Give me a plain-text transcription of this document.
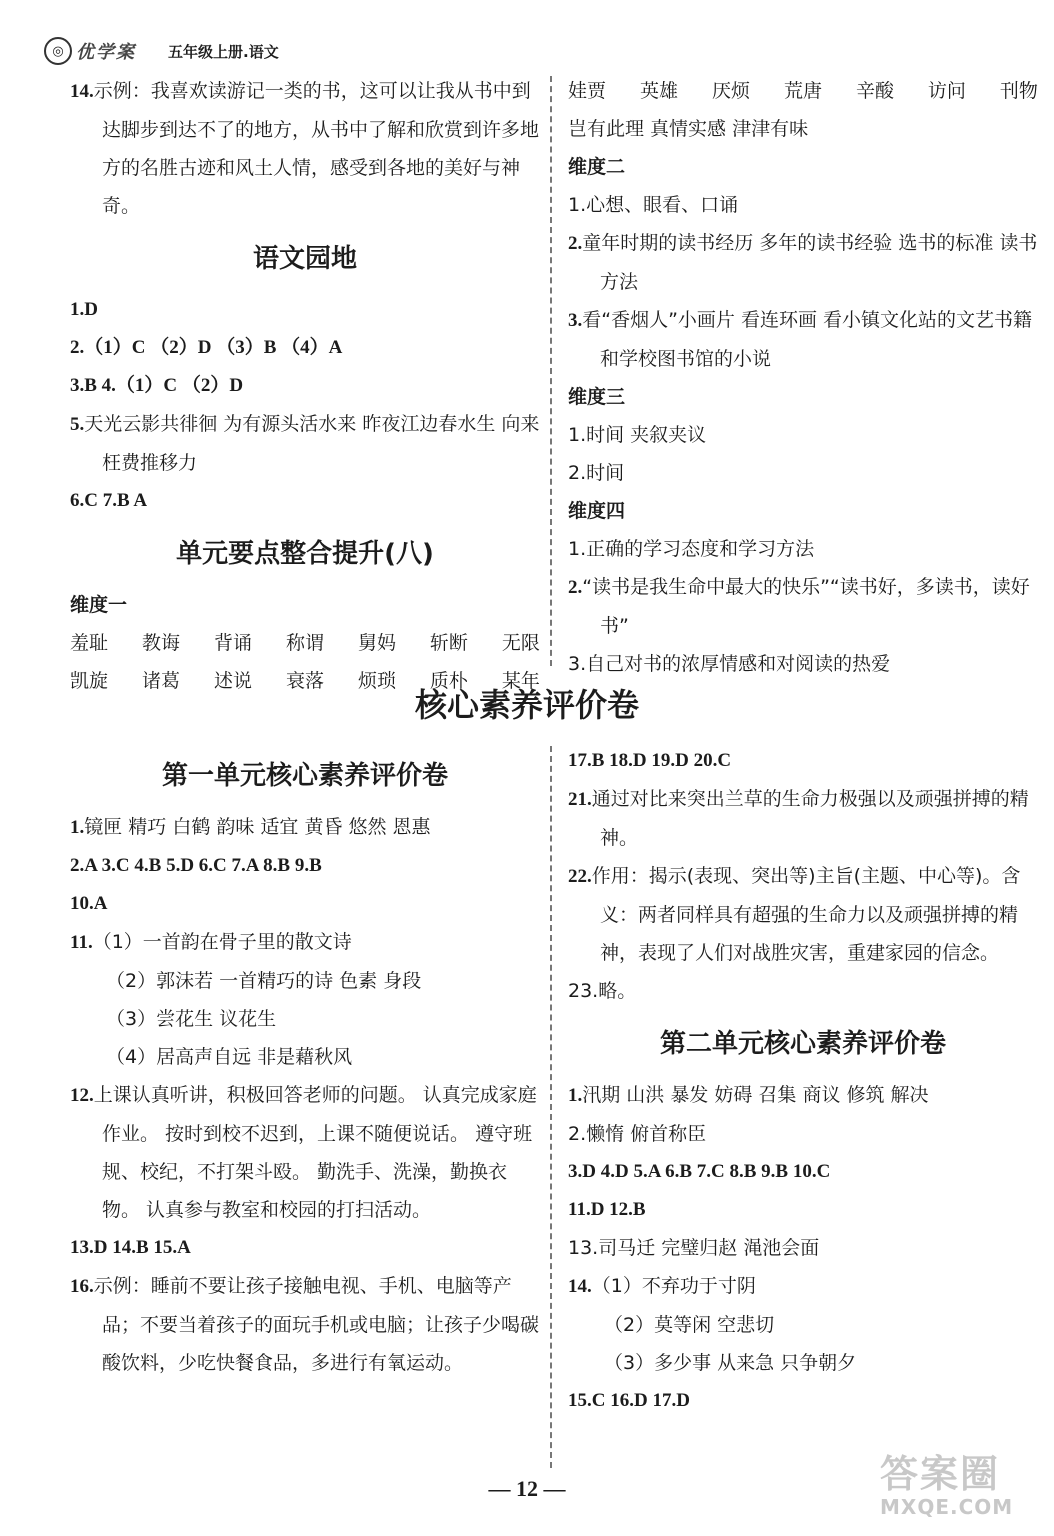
◎ 优学案 五年级上册.语文
14.示例：我喜欢读游记一类的书，这可以让我从书中到达脚步到达不了的地方，从书中了解和欣赏到许多地方的名胜古迹和风土人情，感受到各地的美好与神奇。
语文园地
1.D
2.（1）C （2）D （3）B （4）A
3.B 4.（1）C （2）D
5.天光云影共徘徊 为有源头活水来 昨夜江边春水生 向来枉费推移力
6.C 7.B A
单元要点整合提升(八)
维度一
羞耻 教诲 背诵 称谓 舅妈 斩断 无限
凯旋 诸葛 述说 衰落 烦琐 质朴 某年
娃贾 英雄 厌烦 荒唐 辛酸 访问 刊物
岂有此理 真情实感 津津有味
维度二
1.心想、眼看、口诵
2.童年时期的读书经历 多年的读书经验 选书的标准 读书方法
3.看“香烟人”小画片 看连环画 看小镇文化站的文艺书籍和学校图书馆的小说
维度三
1.时间 夹叙夹议
2.时间
维度四
1.正确的学习态度和学习方法
2.“读书是我生命中最大的快乐”“读书好，多读书，读好书”
3.自己对书的浓厚情感和对阅读的热爱
核心素养评价卷
第一单元核心素养评价卷
1.镜匣 精巧 白鹤 韵味 适宜 黄昏 悠然 恩惠
2.A 3.C 4.B 5.D 6.C 7.A 8.B 9.B
10.A
11.（1）一首韵在骨子里的散文诗
（2）郭沫若 一首精巧的诗 色素 身段
（3）尝花生 议花生
（4）居高声自远 非是藉秋风
12.上课认真听讲，积极回答老师的问题。 认真完成家庭作业。 按时到校不迟到，上课不随便说话。 遵守班规、校纪，不打架斗殴。 勤洗手、洗澡，勤换衣物。 认真参与教室和校园的打扫活动。
13.D 14.B 15.A
16.示例：睡前不要让孩子接触电视、手机、电脑等产品；不要当着孩子的面玩手机或电脑；让孩子少喝碳酸饮料，少吃快餐食品，多进行有氧运动。
17.B 18.D 19.D 20.C
21.通过对比来突出兰草的生命力极强以及顽强拼搏的精神。
22.作用：揭示(表现、突出等)主旨(主题、中心等)。含义：两者同样具有超强的生命力以及顽强拼搏的精神，表现了人们对战胜灾害，重建家园的信念。
23.略。
第二单元核心素养评价卷
1.汛期 山洪 暴发 妨碍 召集 商议 修筑 解决
2.懒惰 俯首称臣
3.D 4.D 5.A 6.B 7.C 8.B 9.B 10.C
11.D 12.B
13.司马迁 完璧归赵 渑池会面
14.（1）不弃功于寸阴
（2）莫等闲 空悲切
（3）多少事 从来急 只争朝夕
15.C 16.D 17.D
— 12 —	答案圈
MXQE.COM
